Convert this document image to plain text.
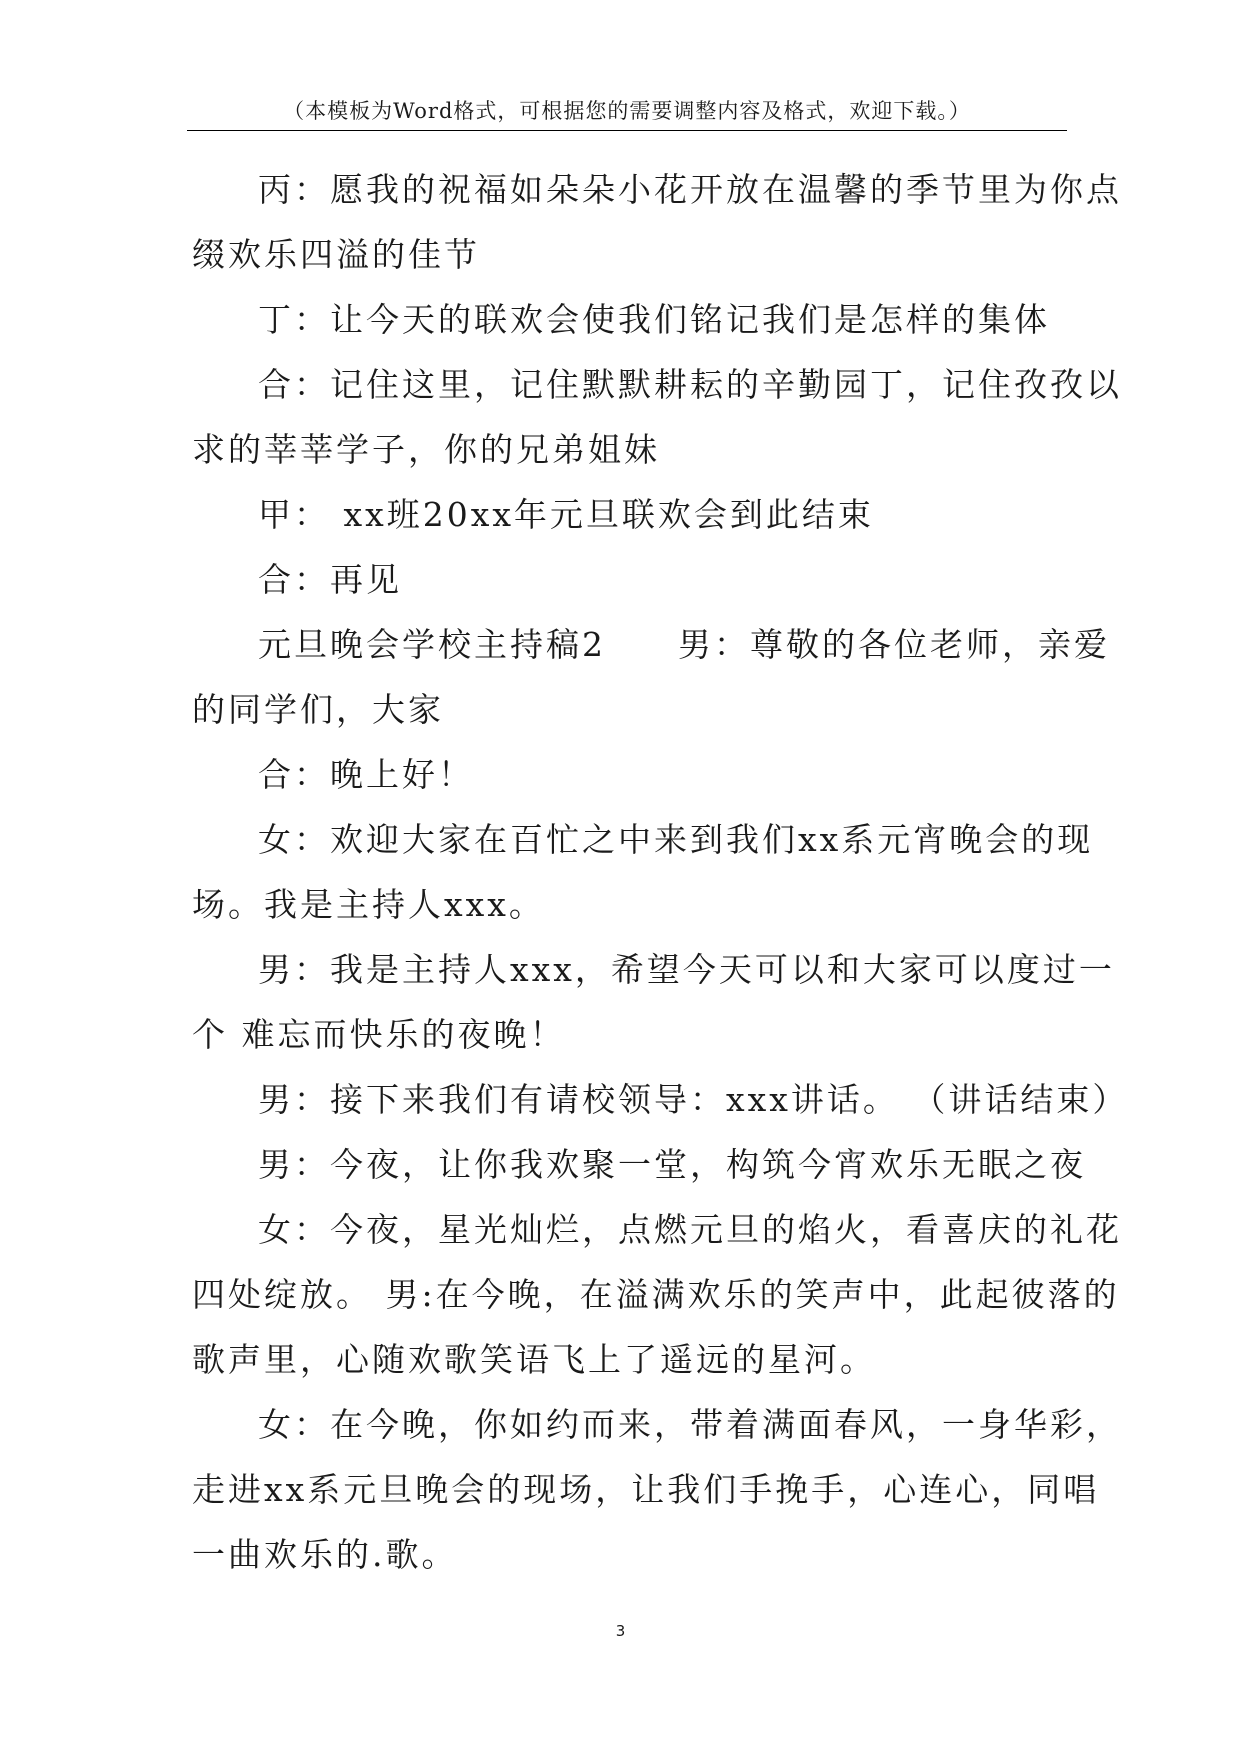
（本模板为Word格式，可根据您的需要调整内容及格式，欢迎下载。）

丙：愿我的祝福如朵朵小花开放在温馨的季节里为你点

缀欢乐四溢的佳节

丁：让今天的联欢会使我们铭记我们是怎样的集体

合：记住这里，记住默默耕耘的辛勤园丁，记住孜孜以

求的莘莘学子，你的兄弟姐妹

甲： xx班20xx年元旦联欢会到此结束

合：再见

元旦晚会学校主持稿2　　男：尊敬的各位老师，亲爱

的同学们，大家

合：晚上好！

女：欢迎大家在百忙之中来到我们xx系元宵晚会的现

场。我是主持人xxx。

男：我是主持人xxx，希望今天可以和大家可以度过一

个 难忘而快乐的夜晚！

男：接下来我们有请校领导：xxx讲话。 （讲话结束）

男：今夜，让你我欢聚一堂，构筑今宵欢乐无眠之夜

女：今夜，星光灿烂，点燃元旦的焰火，看喜庆的礼花

四处绽放。 男:在今晚，在溢满欢乐的笑声中，此起彼落的

歌声里，心随欢歌笑语飞上了遥远的星河。

女：在今晚，你如约而来，带着满面春风，一身华彩，

走进xx系元旦晚会的现场，让我们手挽手，心连心，同唱

一曲欢乐的.歌。

3
